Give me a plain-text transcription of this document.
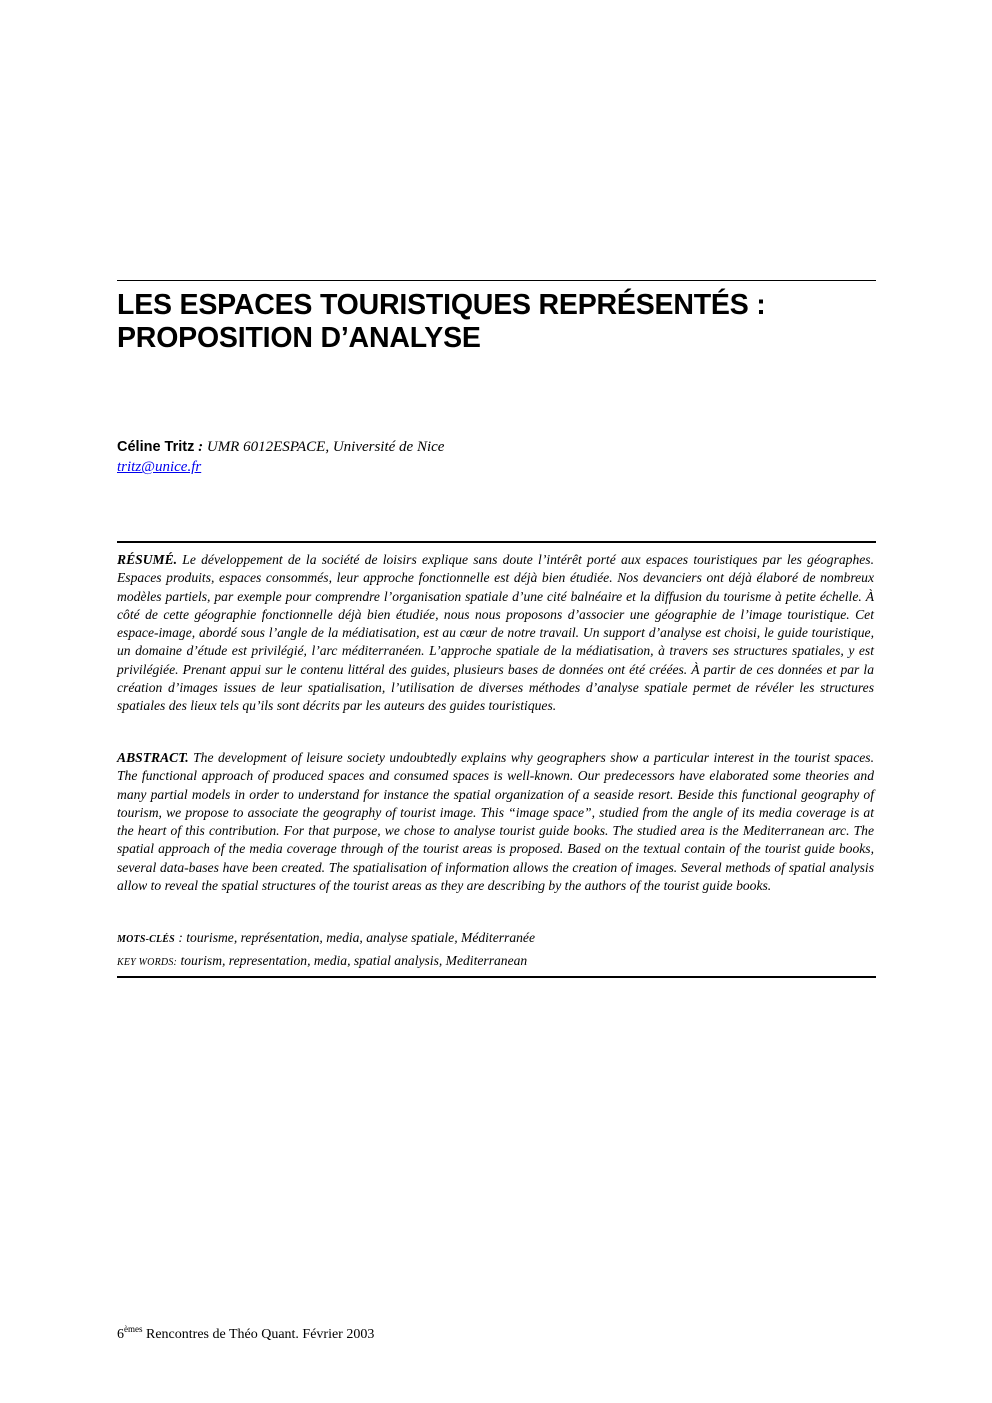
LES ESPACES TOURISTIQUES REPRÉSENTÉS :
PROPOSITION D’ANALYSE
Céline Tritz : UMR 6012ESPACE, Université de Nice
tritz@unice.fr

RÉSUMÉ. Le développement de la société de loisirs explique sans doute l’intérêt porté aux espaces touristiques par les géographes. Espaces produits, espaces consommés, leur approche fonctionnelle est déjà bien étudiée. Nos devanciers ont déjà élaboré de nombreux modèles partiels, par exemple pour comprendre l’organisation spatiale d’une cité balnéaire et la diffusion du tourisme à petite échelle. À côté de cette géographie fonctionnelle déjà bien étudiée, nous nous proposons d’associer une géographie de l’image touristique. Cet espace-image, abordé sous l’angle de la médiatisation, est au cœur de notre travail. Un support d’analyse est choisi, le guide touristique, un domaine d’étude est privilégié, l’arc méditerranéen. L’approche spatiale de la médiatisation, à travers ses structures spatiales, y est privilégiée. Prenant appui sur le contenu littéral des guides, plusieurs bases de données ont été créées. À partir de ces données et par la création d’images issues de leur spatialisation, l’utilisation de diverses méthodes d’analyse spatiale permet de révéler les structures spatiales des lieux tels qu’ils sont décrits par les auteurs des guides touristiques.

ABSTRACT. The development of leisure society undoubtedly explains why geographers show a particular interest in the tourist spaces. The functional approach of produced spaces and consumed spaces is well-known. Our predecessors have elaborated some theories and many partial models in order to understand for instance the spatial organization of a seaside resort. Beside this functional geography of tourism, we propose to associate the geography of tourist image. This “image space”, studied from the angle of its media coverage is at the heart of this contribution. For that purpose, we chose to analyse tourist guide books. The studied area is the Mediterranean arc. The spatial approach of the media coverage through of the tourist areas is proposed. Based on the textual contain of the tourist guide books, several data-bases have been created. The spatialisation of information allows the creation of images. Several methods of spatial analysis allow to reveal the spatial structures of the tourist areas as they are describing by the authors of the tourist guide books.

MOTS-CLÉS : tourisme, représentation, media, analyse spatiale, Méditerranée

KEY WORDS: tourism, representation, media, spatial analysis, Mediterranean

6èmes Rencontres de Théo Quant. Février 2003
